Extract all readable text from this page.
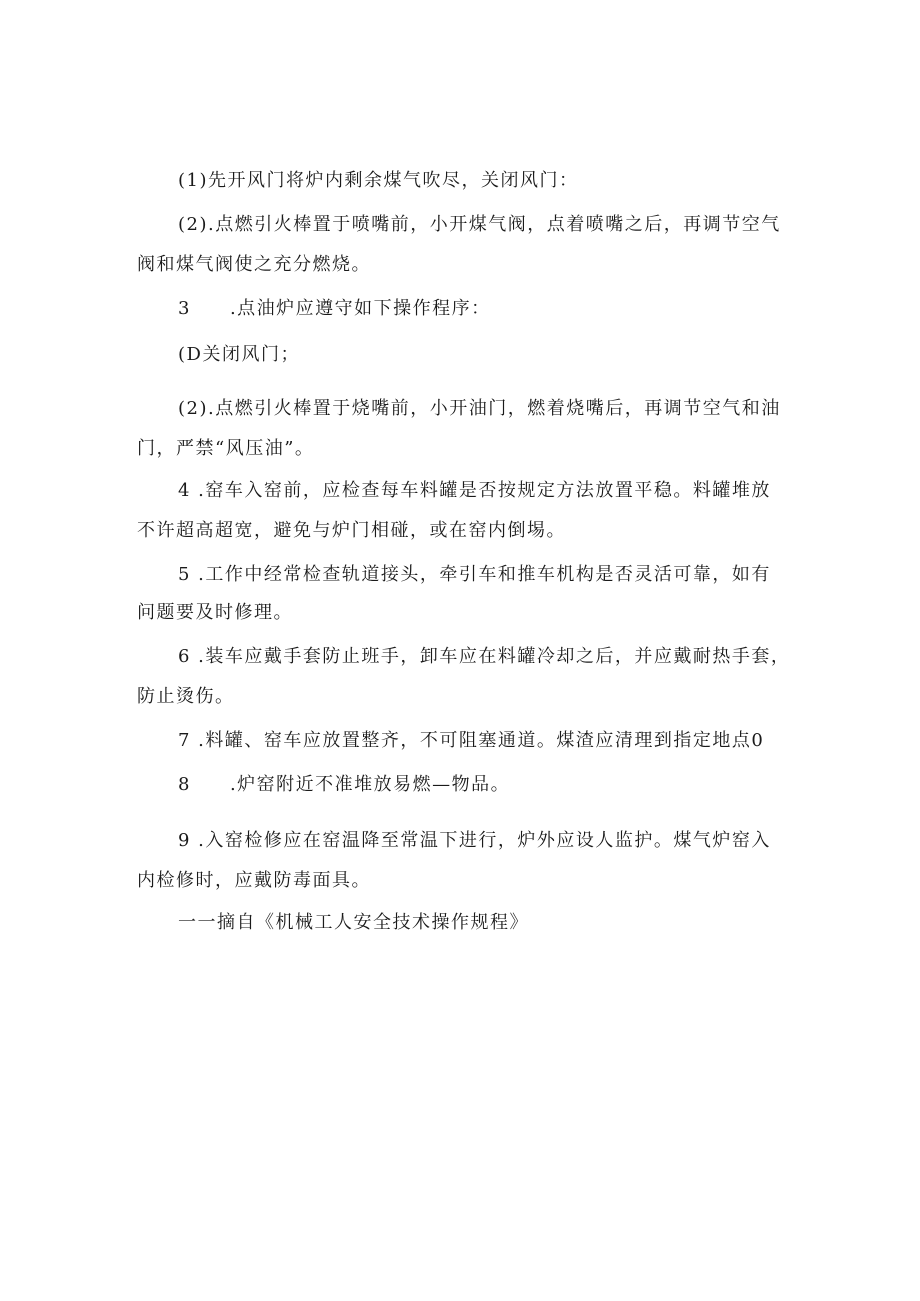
(1)先开风门将炉内剩余煤气吹尽，关闭风门：
(2).点燃引火棒置于喷嘴前，小开煤气阀，点着喷嘴之后，再调节空气
阀和煤气阀使之充分燃烧。
3　　.点油炉应遵守如下操作程序：
(D关闭风门；
(2).点燃引火棒置于烧嘴前，小开油门，燃着烧嘴后，再调节空气和油
门，严禁“风压油”。
4 .窑车入窑前，应检查每车料罐是否按规定方法放置平稳。料罐堆放
不许超高超宽，避免与炉门相碰，或在窑内倒埸。
5 .工作中经常检查轨道接头，牵引车和推车机构是否灵活可靠，如有
问题要及时修理。
6 .装车应戴手套防止班手，卸车应在料罐冷却之后，并应戴耐热手套，
防止烫伤。
7 .料罐、窑车应放置整齐，不可阻塞通道。煤渣应清理到指定地点0
8　　.炉窑附近不准堆放易燃—物品。
9 .入窑检修应在窑温降至常温下进行，炉外应设人监护。煤气炉窑入
内检修时，应戴防毒面具。
一一摘自《机械工人安全技术操作规程》
